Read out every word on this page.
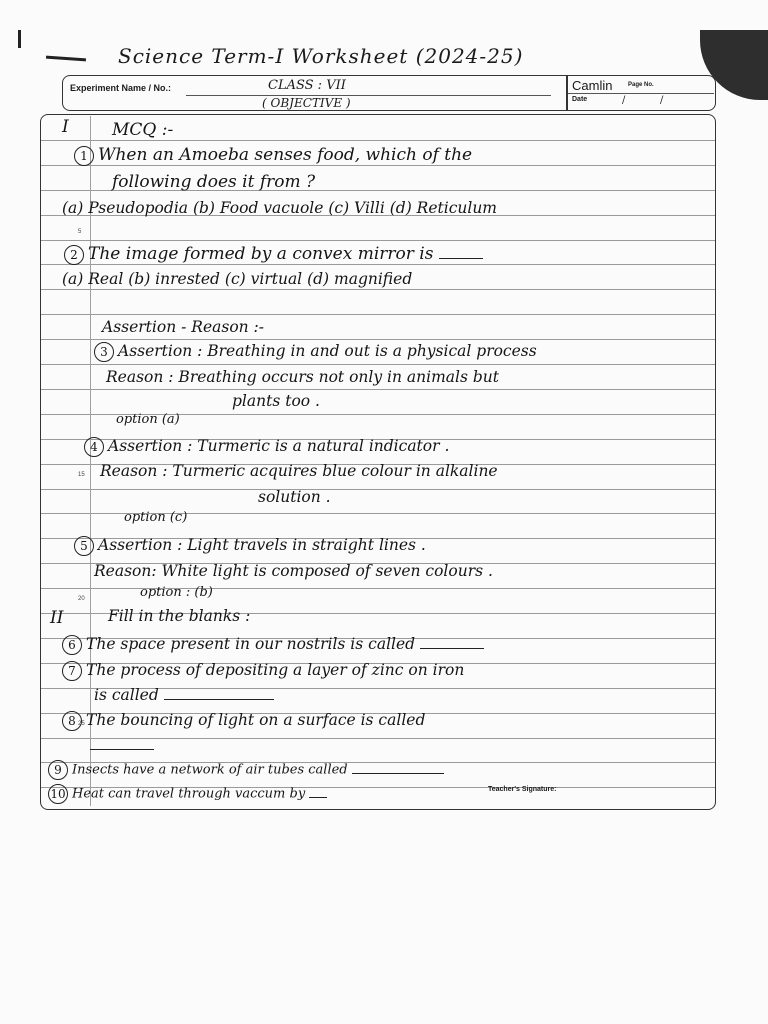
Science Term-I Worksheet (2024-25)
Experiment Name / No.:	CLASS : VII
( OBJECTIVE )
Camlin	Page No.
Date	/	/
5
15
20
25
I	MCQ :-
1 When an Amoeba senses food, which of the
following does it from ?
(a) Pseudopodia (b) Food vacuole (c) Villi (d) Reticulum
2 The image formed by a convex mirror is
(a) Real (b) inrested (c) virtual (d) magnified
Assertion - Reason :-
3 Assertion : Breathing in and out is a physical process
Reason : Breathing occurs not only in animals but
plants too .
option (a)
4 Assertion : Turmeric is a natural indicator .
Reason : Turmeric acquires blue colour in alkaline
solution .
option (c)
5 Assertion : Light travels in straight lines .
Reason: White light is composed of seven colours .
option : (b)
II	Fill in the blanks :
6 The space present in our nostrils is called
7 The process of depositing a layer of zinc on iron
is called
8 The bouncing of light on a surface is called
9 Insects have a network of air tubes called
10 Heat can travel through vaccum by	Teacher's Signature:
